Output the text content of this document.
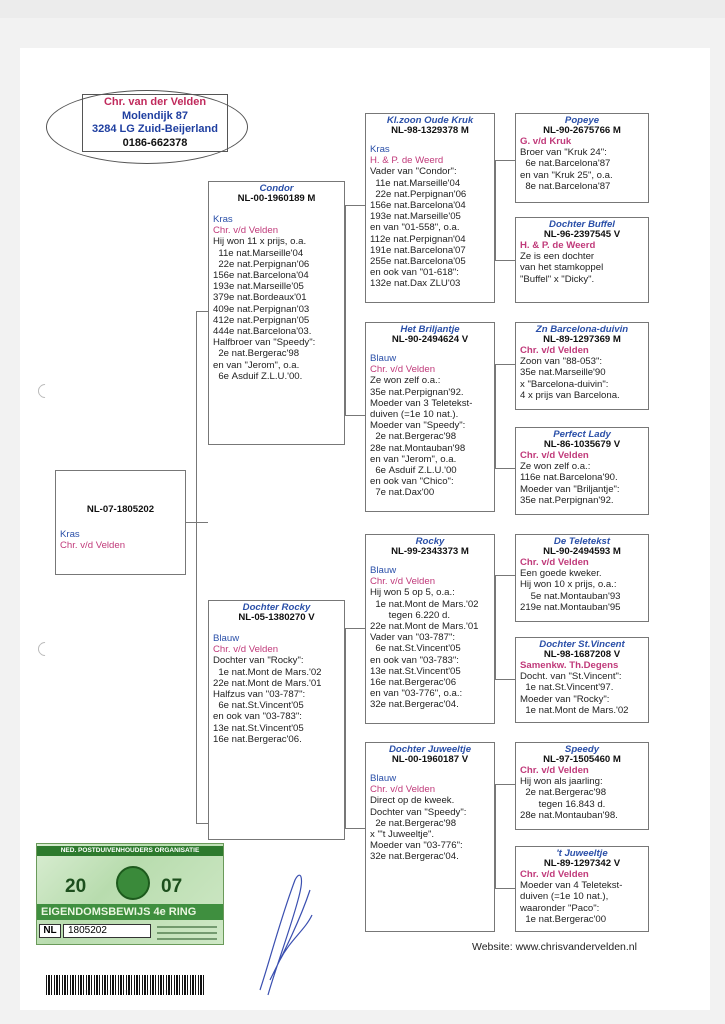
Chr. van der Velden
Molendijk 87
3284 LG Zuid-Beijerland
0186-662378
NL-07-1805202
Kras
Chr. v/d Velden
Condor
NL-00-1960189 M
Kras
Chr. v/d Velden
Hij won 11 x prijs, o.a.
11e nat.Marseille'04
22e nat.Perpignan'06
156e nat.Barcelona'04
193e nat.Marseille'05
379e nat.Bordeaux'01
409e nat.Perpignan'03
412e nat.Perpignan'05
444e nat.Barcelona'03.
Halfbroer van "Speedy":
2e nat.Bergerac'98
en van "Jerom", o.a.
6e Asduif Z.L.U.'00.
Dochter Rocky
NL-05-1380270 V
Blauw
Chr. v/d Velden
Dochter van "Rocky":
1e nat.Mont de Mars.'02
22e nat.Mont de Mars.'01
Halfzus van "03-787":
6e nat.St.Vincent'05
en ook van "03-783":
13e nat.St.Vincent'05
16e nat.Bergerac'06.
Kl.zoon Oude Kruk
NL-98-1329378 M
Kras
H. & P. de Weerd
Vader van "Condor":
11e nat.Marseille'04
22e nat.Perpignan'06
156e nat.Barcelona'04
193e nat.Marseille'05
en van "01-558", o.a.
112e nat.Perpignan'04
191e nat.Barcelona'07
255e nat.Barcelona'05
en ook van "01-618":
132e nat.Dax ZLU'03
Het Briljantje
NL-90-2494624 V
Blauw
Chr. v/d Velden
Ze won zelf o.a.:
35e nat.Perpignan'92.
Moeder van 3 Teletekst-
duiven (=1e 10 nat.).
Moeder van "Speedy":
2e nat.Bergerac'98
28e nat.Montauban'98
en van "Jerom", o.a.
6e Asduif Z.L.U.'00
en ook van "Chico":
7e nat.Dax'00
Rocky
NL-99-2343373 M
Blauw
Chr. v/d Velden
Hij won 5 op 5, o.a.:
1e nat.Mont de Mars.'02
tegen 6.220 d.
22e nat.Mont de Mars.'01
Vader van "03-787":
6e nat.St.Vincent'05
en ook van "03-783":
13e nat.St.Vincent'05
16e nat.Bergerac'06
en van "03-776", o.a.:
32e nat.Bergerac'04.
Dochter Juweeltje
NL-00-1960187 V
Blauw
Chr. v/d Velden
Direct op de kweek.
Dochter van "Speedy":
2e nat.Bergerac'98
x "'t Juweeltje".
Moeder van "03-776":
32e nat.Bergerac'04.
Popeye
NL-90-2675766 M
G. v/d Kruk
Broer van "Kruk 24":
6e nat.Barcelona'87
en van "Kruk 25", o.a.
8e nat.Barcelona'87
Dochter Buffel
NL-96-2397545 V
H. & P. de Weerd
Ze is een dochter
van het stamkoppel
"Buffel" x "Dicky".
Zn Barcelona-duivin
NL-89-1297369 M
Chr. v/d Velden
Zoon van "88-053":
35e nat.Marseille'90
x "Barcelona-duivin":
4 x prijs van Barcelona.
Perfect Lady
NL-86-1035679 V
Chr. v/d Velden
Ze won zelf o.a.:
116e nat.Barcelona'90.
Moeder van "Briljantje":
35e nat.Perpignan'92.
De Teletekst
NL-90-2494593 M
Chr. v/d Velden
Een goede kweker.
Hij won 10 x prijs, o.a.:
5e nat.Montauban'93
219e nat.Montauban'95
Dochter St.Vincent
NL-98-1687208 V
Samenkw. Th.Degens
Docht. van "St.Vincent":
1e nat.St.Vincent'97.
Moeder van "Rocky":
1e nat.Mont de Mars.'02
Speedy
NL-97-1505460 M
Chr. v/d Velden
Hij won als jaarling:
2e nat.Bergerac'98
tegen 16.843 d.
28e nat.Montauban'98.
't Juweeltje
NL-89-1297342 V
Chr. v/d Velden
Moeder van 4 Teletekst-
duiven (=1e 10 nat.),
waaronder "Paco":
1e nat.Bergerac'00
Website: www.chrisvandervelden.nl
NED. POSTDUIVENHOUDERS ORGANISATIE
20	07
EIGENDOMSBEWIJS 4e RING
NL	1805202
